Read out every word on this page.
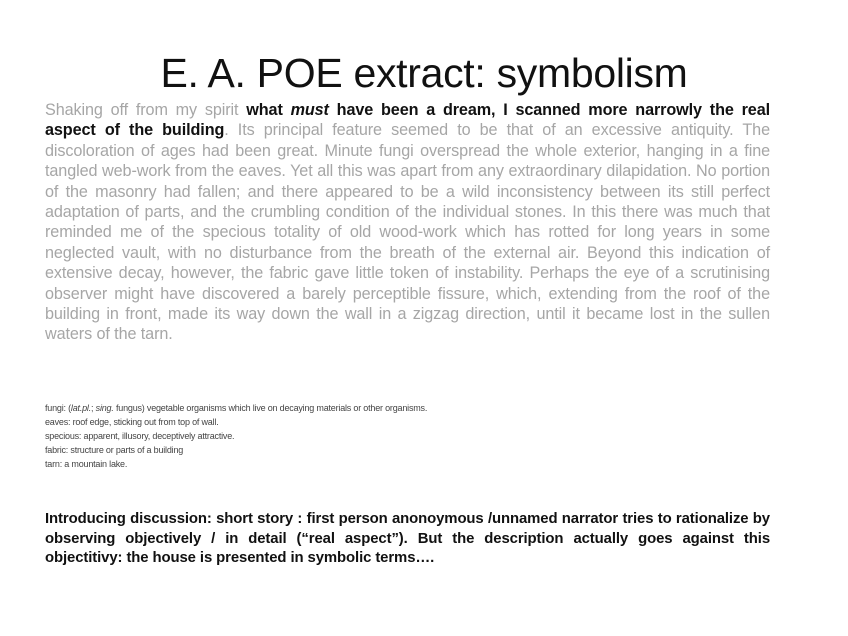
E. A. POE extract: symbolism
Shaking off from my spirit what must have been a dream, I scanned more narrowly the real aspect of the building. Its principal feature seemed to be that of an excessive antiquity. The discoloration of ages had been great. Minute fungi overspread the whole exterior, hanging in a fine tangled web-work from the eaves. Yet all this was apart from any extraordinary dilapidation. No portion of the masonry had fallen; and there appeared to be a wild inconsistency between its still perfect adaptation of parts, and the crumbling condition of the individual stones. In this there was much that reminded me of the specious totality of old wood-work which has rotted for long years in some neglected vault, with no disturbance from the breath of the external air. Beyond this indication of extensive decay, however, the fabric gave little token of instability. Perhaps the eye of a scrutinising observer might have discovered a barely perceptible fissure, which, extending from the roof of the building in front, made its way down the wall in a zigzag direction, until it became lost in the sullen waters of the tarn.
fungi: (lat.pl.; sing. fungus) vegetable organisms which live on decaying materials or other organisms.
eaves: roof edge, sticking out from top of wall.
specious: apparent, illusory, deceptively attractive.
fabric: structure or parts of a building
tarn: a mountain lake.
Introducing discussion: short story : first person anonoymous /unnamed narrator tries to rationalize by observing objectively / in detail (“real aspect”). But the description actually goes against this objectitivy: the house is presented in symbolic terms….
